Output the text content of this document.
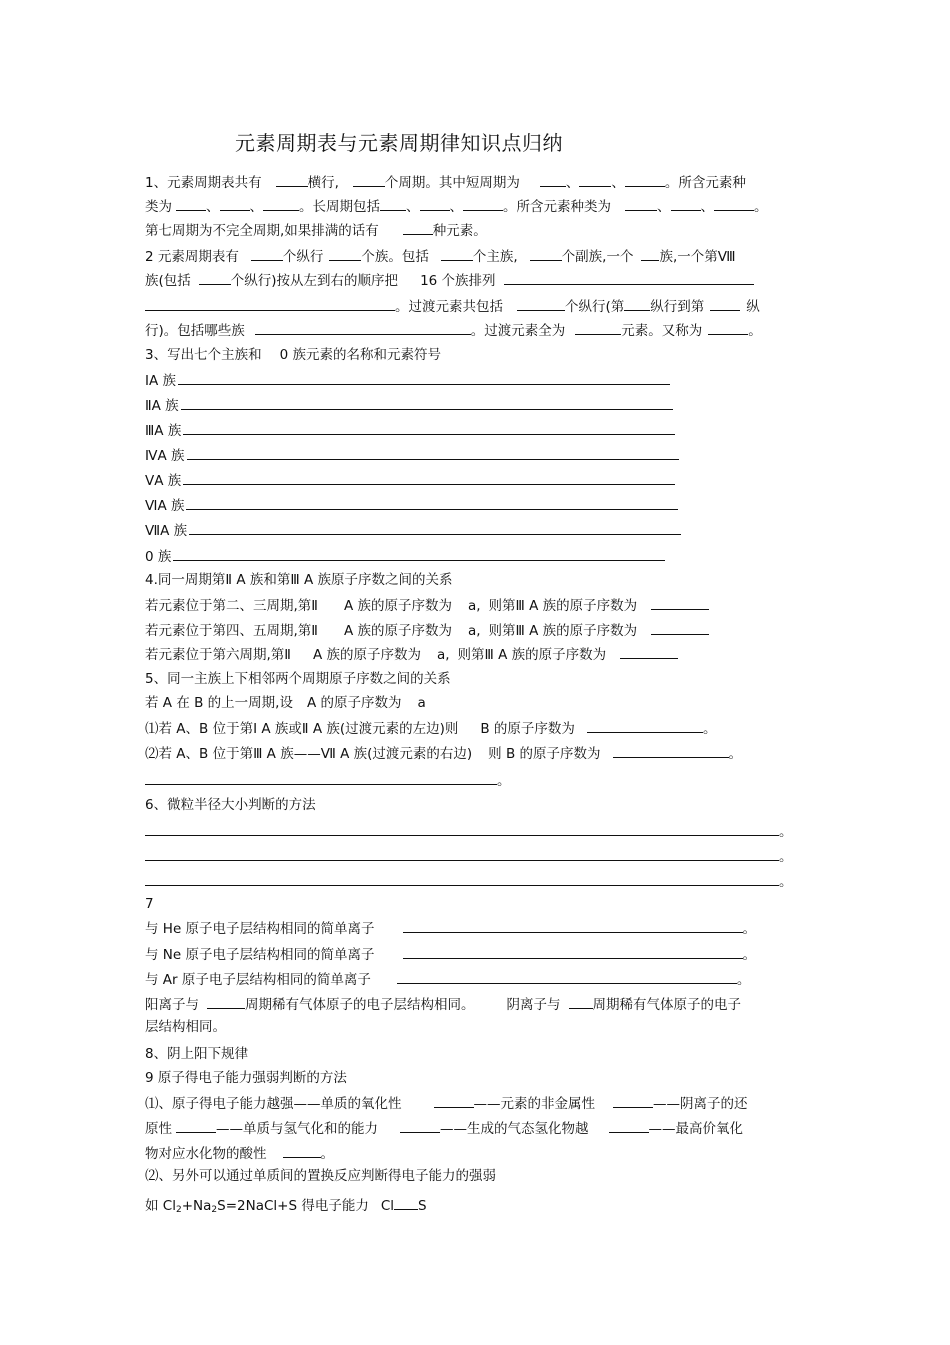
元素周期表与元素周期律知识点归纳
1、元素周期表共有	横行,	个周期。其中短周期为	、 、	。所含元素种
类为	、 、	。长周期包括 、 、	。所含元素种类为	、 、	。
第七周期为不完全周期,如果排满的话有	种元素。
2 元素周期表有	个纵行	个族。包括	个主族,	个副族,一个 族,一个第Ⅷ
族(包括	个纵行)按从左到右的顺序把 16 个族排列
。过渡元素共包括	个纵行(第 纵行到第	纵
行)。包括哪些族	。过渡元素全为	元素。又称为	。
3、写出七个主族和 0 族元素的名称和元素符号
ⅠA 族
ⅡA 族
ⅢA 族
ⅣA 族
ⅤA 族
ⅥA 族
ⅦA 族
0 族
4.同一周期第Ⅱ A 族和第Ⅲ A 族原子序数之间的关系
若元素位于第二、三周期,第Ⅱ A 族的原子序数为 a, 则第Ⅲ A 族的原子序数为
若元素位于第四、五周期,第Ⅱ A 族的原子序数为 a, 则第Ⅲ A 族的原子序数为
若元素位于第六周期,第Ⅱ A 族的原子序数为 a, 则第Ⅲ A 族的原子序数为
5、同一主族上下相邻两个周期原子序数之间的关系
若 A 在 B 的上一周期,设 A 的原子序数为 a
⑴若 A、B 位于第Ⅰ A 族或Ⅱ A 族(过渡元素的左边)则 B 的原子序数为	。
⑵若 A、B 位于第Ⅲ A 族——Ⅶ A 族(过渡元素的右边) 则 B 的原子序数为	。
。
6、微粒半径大小判断的方法
。
。
。
7
与 He 原子电子层结构相同的简单离子	。
与 Ne 原子电子层结构相同的简单离子	。
与 Ar 原子电子层结构相同的简单离子	。
阳离子与	周期稀有气体原子的电子层结构相同。 阴离子与 周期稀有气体原子的电子
层结构相同。
8、阴上阳下规律
9 原子得电子能力强弱判断的方法
⑴、原子得电子能力越强——单质的氧化性	——元素的非金属性	——阴离子的还
原性	——单质与氢气化和的能力	——生成的气态氢化物越	——最高价氧化
物对应水化物的酸性	。
⑵、另外可以通过单质间的置换反应判断得电子能力的强弱
如 $Cl_2+Na_2S=2NaCl+S$ 得电子能力 Cl S
